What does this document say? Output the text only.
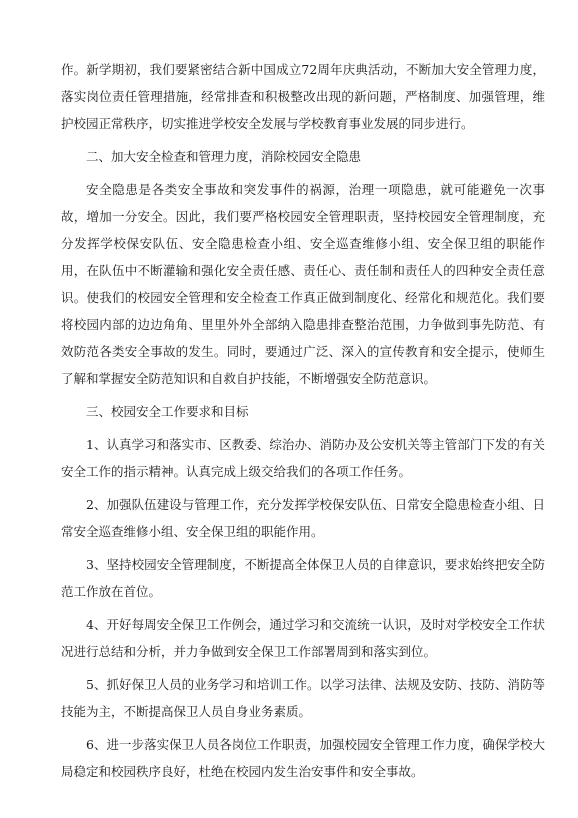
作。新学期初，我们要紧密结合新中国成立72周年庆典活动，不断加大安全管理力度，落实岗位责任管理措施，经常排查和积极整改出现的新问题，严格制度、加强管理，维护校园正常秩序，切实推进学校安全发展与学校教育事业发展的同步进行。

二、加大安全检查和管理力度，消除校园安全隐患

安全隐患是各类安全事故和突发事件的祸源，治理一项隐患，就可能避免一次事故，增加一分安全。因此，我们要严格校园安全管理职责，坚持校园安全管理制度，充分发挥学校保安队伍、安全隐患检查小组、安全巡查维修小组、安全保卫组的职能作用，在队伍中不断灌输和强化安全责任感、责任心、责任制和责任人的四种安全责任意识。使我们的校园安全管理和安全检查工作真正做到制度化、经常化和规范化。我们要将校园内部的边边角角、里里外外全部纳入隐患排查整治范围，力争做到事先防范、有效防范各类安全事故的发生。同时，要通过广泛、深入的宣传教育和安全提示，使师生了解和掌握安全防范知识和自救自护技能，不断增强安全防范意识。

三、校园安全工作要求和目标

1、认真学习和落实市、区教委、综治办、消防办及公安机关等主管部门下发的有关安全工作的指示精神。认真完成上级交给我们的各项工作任务。

2、加强队伍建设与管理工作，充分发挥学校保安队伍、日常安全隐患检查小组、日常安全巡查维修小组、安全保卫组的职能作用。

3、坚持校园安全管理制度，不断提高全体保卫人员的自律意识，要求始终把安全防范工作放在首位。

4、开好每周安全保卫工作例会，通过学习和交流统一认识，及时对学校安全工作状况进行总结和分析，并力争做到安全保卫工作部署周到和落实到位。

5、抓好保卫人员的业务学习和培训工作。以学习法律、法规及安防、技防、消防等技能为主，不断提高保卫人员自身业务素质。

6、进一步落实保卫人员各岗位工作职责，加强校园安全管理工作力度，确保学校大局稳定和校园秩序良好，杜绝在校园内发生治安事件和安全事故。
